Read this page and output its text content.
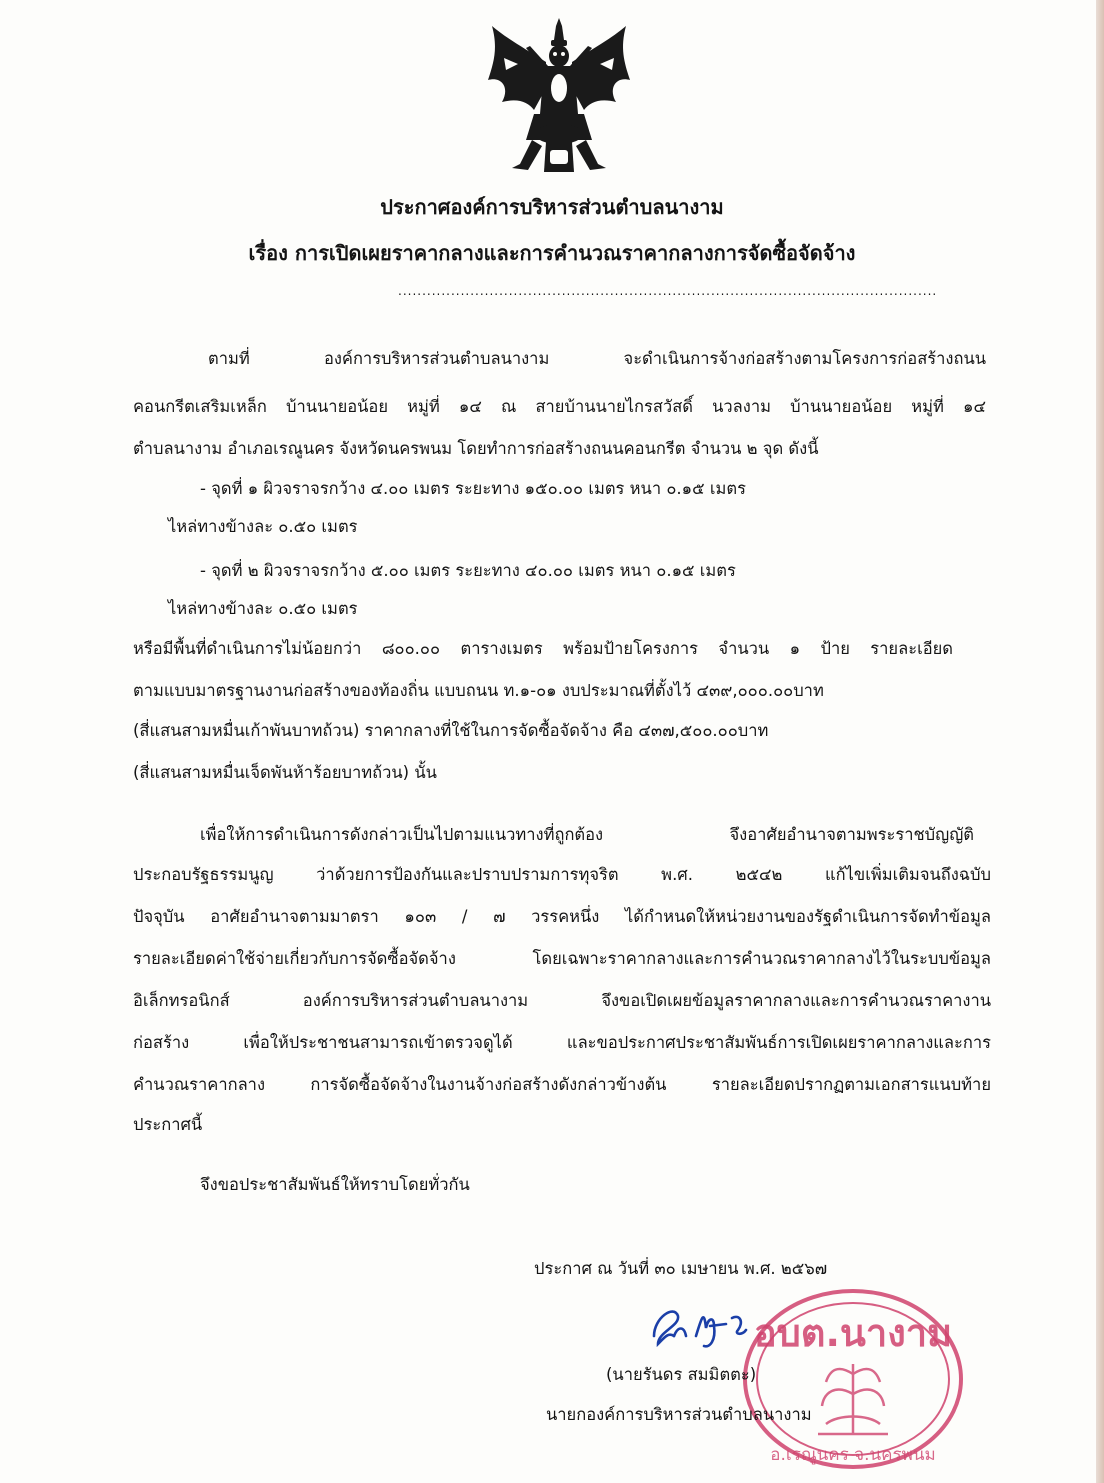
ประกาศองค์การบริหารส่วนตำบลนางาม
เรื่อง การเปิดเผยราคากลางและการคำนวณราคากลางการจัดซื้อจัดจ้าง
................................................................................................................
ตามที่ องค์การบริหารส่วนตำบลนางาม จะดำเนินการจ้างก่อสร้างตามโครงการก่อสร้างถนน
คอนกรีตเสริมเหล็ก บ้านนายอน้อย หมู่ที่ ๑๔ ณ สายบ้านนายไกรสวัสดิ์ นวลงาม บ้านนายอน้อย หมู่ที่ ๑๔
ตำบลนางาม อำเภอเรณูนคร จังหวัดนครพนม โดยทำการก่อสร้างถนนคอนกรีต จำนวน ๒ จุด ดังนี้
- จุดที่ ๑ ผิวจราจรกว้าง ๔.๐๐ เมตร ระยะทาง ๑๕๐.๐๐ เมตร หนา ๐.๑๕ เมตร
ไหล่ทางข้างละ ๐.๕๐ เมตร
- จุดที่ ๒ ผิวจราจรกว้าง ๕.๐๐ เมตร ระยะทาง ๔๐.๐๐ เมตร หนา ๐.๑๕ เมตร
ไหล่ทางข้างละ ๐.๕๐ เมตร
หรือมีพื้นที่ดำเนินการไม่น้อยกว่า ๘๐๐.๐๐ ตารางเมตร พร้อมป้ายโครงการ จำนวน ๑ ป้าย รายละเอียด
ตามแบบมาตรฐานงานก่อสร้างของท้องถิ่น แบบถนน ท.๑-๐๑ งบประมาณที่ตั้งไว้ ๔๓๙,๐๐๐.๐๐บาท
(สี่แสนสามหมื่นเก้าพันบาทถ้วน) ราคากลางที่ใช้ในการจัดซื้อจัดจ้าง คือ ๔๓๗,๕๐๐.๐๐บาท
(สี่แสนสามหมื่นเจ็ดพันห้าร้อยบาทถ้วน) นั้น
เพื่อให้การดำเนินการดังกล่าวเป็นไปตามแนวทางที่ถูกต้อง จึงอาศัยอำนาจตามพระราชบัญญัติ
ประกอบรัฐธรรมนูญ ว่าด้วยการป้องกันและปราบปรามการทุจริต พ.ศ. ๒๕๔๒ แก้ไขเพิ่มเติมจนถึงฉบับ
ปัจจุบัน อาศัยอำนาจตามมาตรา ๑๐๓ / ๗ วรรคหนึ่ง ได้กำหนดให้หน่วยงานของรัฐดำเนินการจัดทำข้อมูล
รายละเอียดค่าใช้จ่ายเกี่ยวกับการจัดซื้อจัดจ้าง โดยเฉพาะราคากลางและการคำนวณราคากลางไว้ในระบบข้อมูล
อิเล็กทรอนิกส์ องค์การบริหารส่วนตำบลนางาม จึงขอเปิดเผยข้อมูลราคากลางและการคำนวณราคางาน
ก่อสร้าง เพื่อให้ประชาชนสามารถเข้าตรวจดูได้ และขอประกาศประชาสัมพันธ์การเปิดเผยราคากลางและการ
คำนวณราคากลาง การจัดซื้อจัดจ้างในงานจ้างก่อสร้างดังกล่าวข้างต้น รายละเอียดปรากฏตามเอกสารแนบท้าย
ประกาศนี้
จึงขอประชาสัมพันธ์ให้ทราบโดยทั่วกัน
อบต.นางาม
อ.เรณูนคร จ.นครพนม
ประกาศ ณ วันที่ ๓๐ เมษายน พ.ศ. ๒๕๖๗
(นายรันดร สมมิตตะ)
นายกองค์การบริหารส่วนตำบลนางาม
